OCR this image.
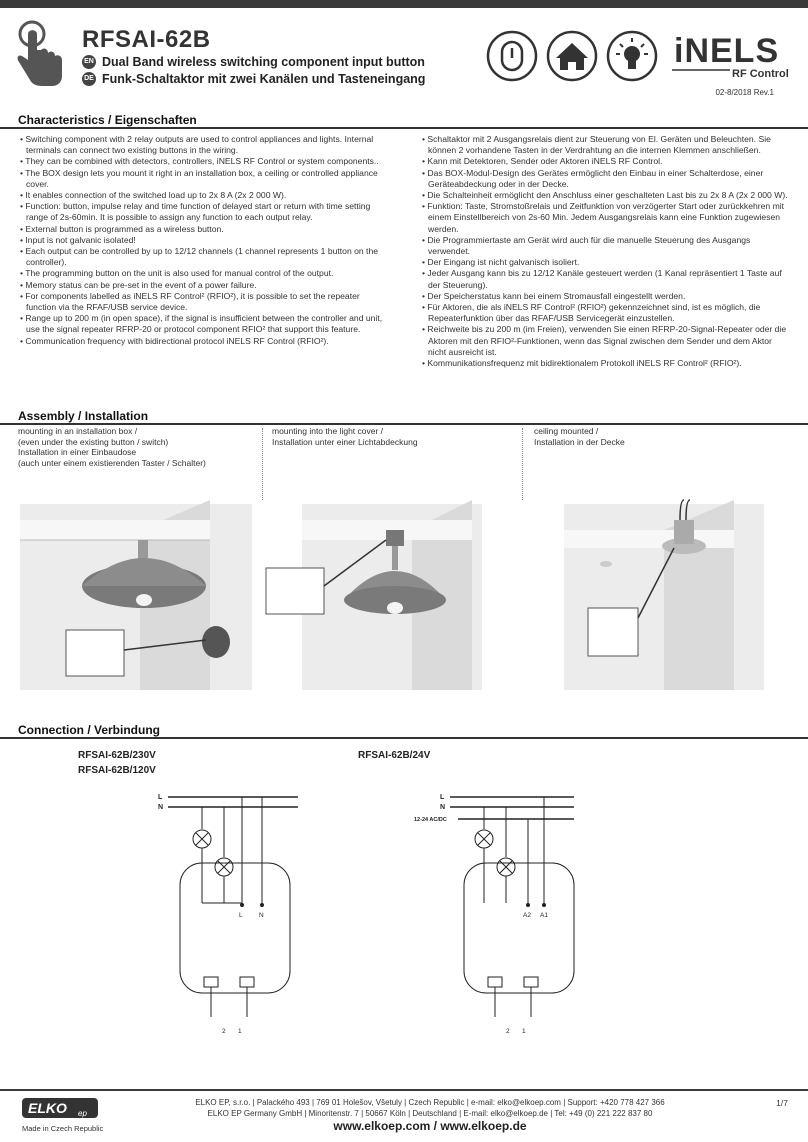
RFSAI-62B
EN Dual Band wireless switching component input button
DE Funk-Schaltaktor mit zwei Kanälen und Tasteneingang
iNELS
RF Control
02-8/2018 Rev.1
Characteristics / Eigenschaften
• Switching component with 2 relay outputs are used to control appliances and lights. Internal terminals can connect two existing buttons in the wiring.
• They can be combined with detectors, controllers, iNELS RF Control or system components..
• The BOX design lets you mount it right in an installation box, a ceiling or controlled appliance cover.
• It enables connection of the switched load up to 2x 8 A (2x 2 000 W).
• Function: button, impulse relay and time function of delayed start or return with time setting range of 2s-60min. It is possible to assign any function to each output relay.
• External button is programmed as a wireless button.
• Input is not galvanic isolated!
• Each output can be controlled by up to 12/12 channels (1 channel represents 1 button on the controller).
• The programming button on the unit is also used for manual control of the output.
• Memory status can be pre-set in the event of a power failure.
• For components labelled as iNELS RF Control² (RFIO²), it is possible to set the repeater function via the RFAF/USB service device.
• Range up to 200 m (in open space), if the signal is insufficient between the controller and unit, use the signal repeater RFRP-20 or protocol component RFIO² that support this feature.
• Communication frequency with bidirectional protocol iNELS RF Control (RFIO²).
• Schaltaktor mit 2 Ausgangsrelais dient zur Steuerung von El. Geräten und Beleuchten. Sie können 2 vorhandene Tasten in der Verdrahtung an die internen Klemmen anschließen.
• Kann mit Detektoren, Sender oder Aktoren iNELS RF Control.
• Das BOX-Modul-Design des Gerätes ermöglicht den Einbau in einer Schalterdose, einer Geräteabdeckung oder in der Decke.
• Die Schalteinheit ermöglicht den Anschluss einer geschalteten Last bis zu 2x 8 A (2x 2 000 W).
• Funktion: Taste, Stromstoßrelais und Zeitfunktion von verzögerter Start oder zurückkehren mit einem Einstellbereich von 2s-60 Min. Jedem Ausgangsrelais kann eine Funktion zugewiesen werden.
• Die Programmiertaste am Gerät wird auch für die manuelle Steuerung des Ausgangs verwendet.
• Der Eingang ist nicht galvanisch isoliert.
• Jeder Ausgang kann bis zu 12/12 Kanäle gesteuert werden (1 Kanal repräsentiert 1 Taste auf der Steuerung).
• Der Speicherstatus kann bei einem Stromausfall eingestellt werden.
• Für Aktoren, die als iNELS RF Control² (RFIO²) gekennzeichnet sind, ist es möglich, die Repeaterfunktion über das RFAF/USB Servicegerät einzustellen.
• Reichweite bis zu 200 m (im Freien), verwenden Sie einen RFRP-20-Signal-Repeater oder die Aktoren mit den RFIO²-Funktionen, wenn das Signal zwischen dem Sender und dem Aktor nicht ausreicht ist.
• Kommunikationsfrequenz mit bidirektionalem Protokoll iNELS RF Control² (RFIO²).
Assembly / Installation
mounting in an installation box /
(even under the existing button / switch)
Installation in einer Einbaudose
(auch unter einem existierenden Taster / Schalter)
mounting into the light cover /
Installation unter einer Lichtabdeckung
ceiling mounted /
Installation in der Decke
Connection / Verbindung
RFSAI-62B/230V
RFSAI-62B/120V
RFSAI-62B/24V
L
N
L	N
2 1
L
N
12-24 AC/DC
A2 A1
2 1
ELKO ep
Made in Czech Republic
ELKO EP, s.r.o. | Palackého 493 | 769 01 Holešov, Všetuly | Czech Republic | e-mail: elko@elkoep.com | Support: +420 778 427 366
ELKO EP Germany GmbH | Minoritenstr. 7 | 50667 Köln | Deutschland | E-mail: elko@elkoep.de | Tel: +49 (0) 221 222 837 80
www.elkoep.com / www.elkoep.de
1/7
